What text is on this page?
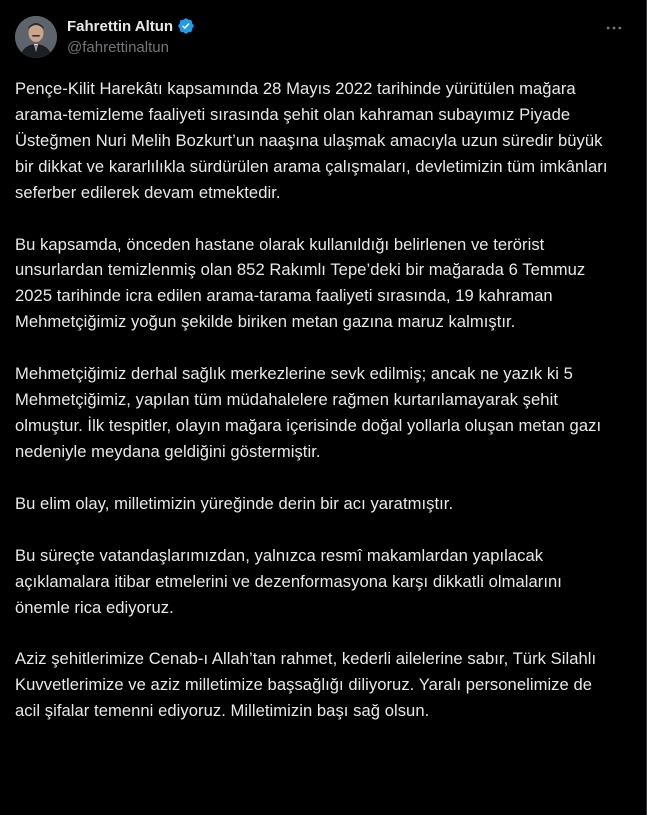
Fahrettin Altun
@fahrettinaltun

Pençe-Kilit Harekâtı kapsamında 28 Mayıs 2022 tarihinde yürütülen mağara arama-temizleme faaliyeti sırasında şehit olan kahraman subayımız Piyade Üsteğmen Nuri Melih Bozkurt’un naaşına ulaşmak amacıyla uzun süredir büyük bir dikkat ve kararlılıkla sürdürülen arama çalışmaları, devletimizin tüm imkânları seferber edilerek devam etmektedir.

Bu kapsamda, önceden hastane olarak kullanıldığı belirlenen ve terörist unsurlardan temizlenmiş olan 852 Rakımlı Tepe’deki bir mağarada 6 Temmuz 2025 tarihinde icra edilen arama-tarama faaliyeti sırasında, 19 kahraman Mehmetçiğimiz yoğun şekilde biriken metan gazına maruz kalmıştır.

Mehmetçiğimiz derhal sağlık merkezlerine sevk edilmiş; ancak ne yazık ki 5 Mehmetçiğimiz, yapılan tüm müdahalelere rağmen kurtarılamayarak şehit olmuştur. İlk tespitler, olayın mağara içerisinde doğal yollarla oluşan metan gazı nedeniyle meydana geldiğini göstermiştir.

Bu elim olay, milletimizin yüreğinde derin bir acı yaratmıştır.

Bu süreçte vatandaşlarımızdan, yalnızca resmî makamlardan yapılacak açıklamalara itibar etmelerini ve dezenformasyona karşı dikkatli olmalarını önemle rica ediyoruz.

Aziz şehitlerimize Cenab-ı Allah’tan rahmet, kederli ailelerine sabır, Türk Silahlı Kuvvetlerimize ve aziz milletimize başsağlığı diliyoruz. Yaralı personelimize de acil şifalar temenni ediyoruz. Milletimizin başı sağ olsun.
